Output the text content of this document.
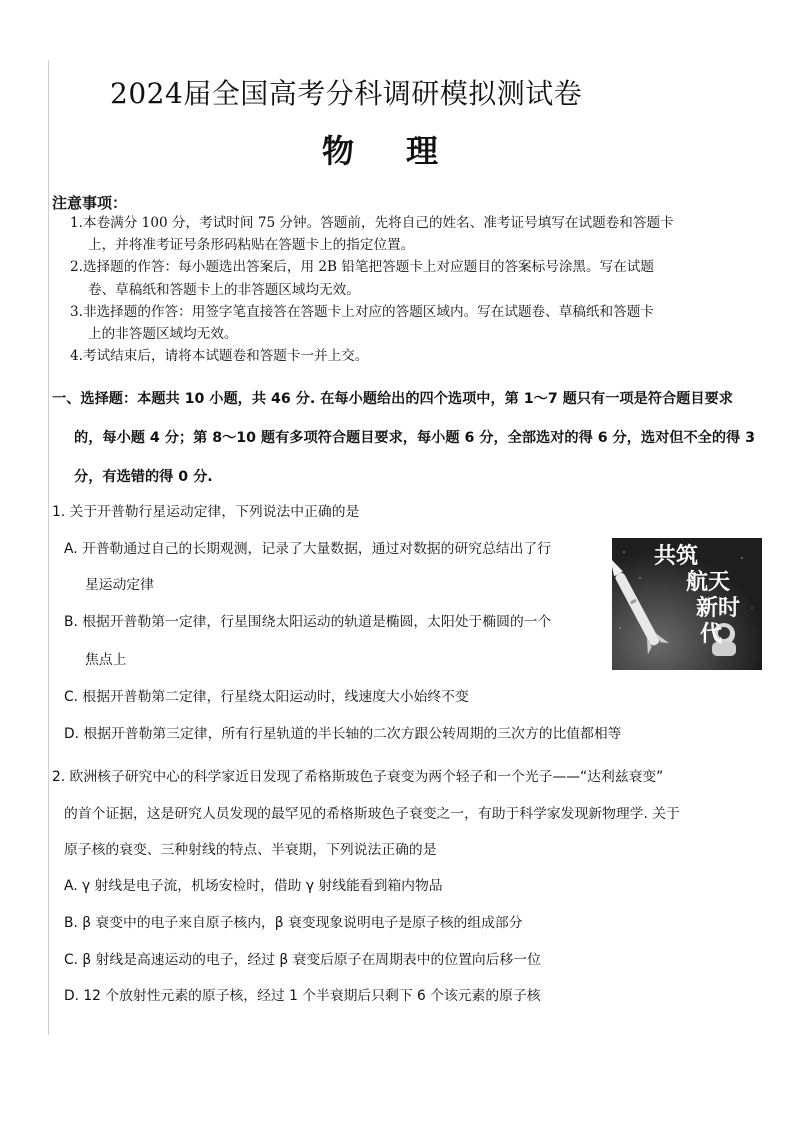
2024届全国高考分科调研模拟测试卷
物理
注意事项：

1.本卷满分 100 分，考试时间 75 分钟。答题前，先将自己的姓名、准考证号填写在试题卷和答题卡
上，并将准考证号条形码粘贴在答题卡上的指定位置。

2.选择题的作答：每小题选出答案后，用 2B 铅笔把答题卡上对应题目的答案标号涂黑。写在试题
卷、草稿纸和答题卡上的非答题区域均无效。

3.非选择题的作答：用签字笔直接答在答题卡上对应的答题区域内。写在试题卷、草稿纸和答题卡
上的非答题区域均无效。

4.考试结束后，请将本试题卷和答题卡一并上交。

一、选择题：本题共 10 小题，共 46 分. 在每小题给出的四个选项中，第 1～7 题只有一项是符合题目要求

的，每小题 4 分；第 8～10 题有多项符合题目要求，每小题 6 分，全部选对的得 6 分，选对但不全的得 3
分，有选错的得 0 分.
1. 关于开普勒行星运动定律，下列说法中正确的是
A. 开普勒通过自己的长期观测，记录了大量数据，通过对数据的研究总结出了行
星运动定律
B. 根据开普勒第一定律，行星围绕太阳运动的轨道是椭圆，太阳处于椭圆的一个
焦点上
C. 根据开普勒第二定律，行星绕太阳运动时，线速度大小始终不变
D. 根据开普勒第三定律，所有行星轨道的半长轴的二次方跟公转周期的三次方的比值都相等
共筑
航天
新时
代
2. 欧洲核子研究中心的科学家近日发现了希格斯玻色子衰变为两个轻子和一个光子——“达利兹衰变”
的首个证据，这是研究人员发现的最罕见的希格斯玻色子衰变之一，有助于科学家发现新物理学. 关于
原子核的衰变、三种射线的特点、半衰期，下列说法正确的是
A. γ 射线是电子流，机场安检时，借助 γ 射线能看到箱内物品
B. β 衰变中的电子来自原子核内，β 衰变现象说明电子是原子核的组成部分
C. β 射线是高速运动的电子，经过 β 衰变后原子在周期表中的位置向后移一位
D. 12 个放射性元素的原子核，经过 1 个半衰期后只剩下 6 个该元素的原子核
